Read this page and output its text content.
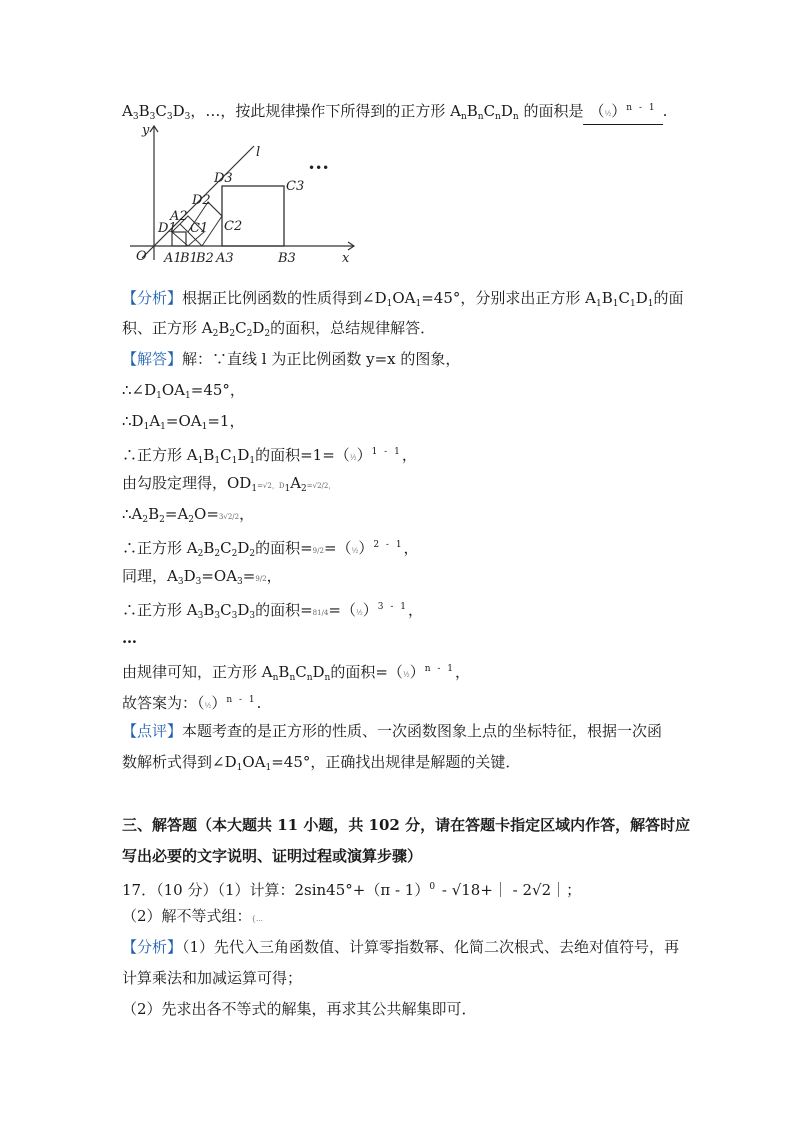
$A_3B_3C_3D_3$，…，按此规律操作下所得到的正方形 $A_nB_nC_nD_n$ 的面积是 （½）$^{n - 1}$ .
y
x
O
l
•••
A1
B1
B2 A3	B3
D1 C1
A2
D2
C2
D3
C3
【分析】根据正比例函数的性质得到$\angle D_1OA_1=45^\circ$，分别求出正方形 $A_1B_1C_1D_1$的面
积、正方形 $A_2B_2C_2D_2$的面积，总结规律解答．
【解答】解：∵直线 l 为正比例函数 y=x 的图象，
$\therefore\angle D_1OA_1=45^\circ$，
$\therefore D_1A_1=OA_1=1$，
∴正方形 $A_1B_1C_1D_1$的面积=1=（½）$^{1 - 1}$，
由勾股定理得，$OD_1=√2$，$D_1A_2=√2/2$，
$\therefore A_2B_2=A_2O=3√2/2$，
∴正方形 $A_2B_2C_2D_2$的面积=9/2=（½）$^{2 - 1}$，
同理，$A_3D_3=OA_3=9/2$，
∴正方形 $A_3B_3C_3D_3$的面积=81/4=（½）$^{3 - 1}$，
…
由规律可知，正方形 $A_nB_nC_nD_n$的面积=（½）$^{n - 1}$，
故答案为：（½）$^{n - 1}$.
【点评】本题考查的是正方形的性质、一次函数图象上点的坐标特征，根据一次函
数解析式得到$\angle D_1OA_1=45^\circ$，正确找出规律是解题的关键．
三、解答题（本大题共 11 小题，共 102 分，请在答题卡指定区域内作答，解答时应
写出必要的文字说明、证明过程或演算步骤）
17．（10 分）（1）计算：2sin45°+（π - 1）$^0$ - √18+｜ - 2√2｜；
（2）解不等式组：{…
【分析】（1）先代入三角函数值、计算零指数幂、化简二次根式、去绝对值符号，再
计算乘法和加减运算可得；
（2）先求出各不等式的解集，再求其公共解集即可．
